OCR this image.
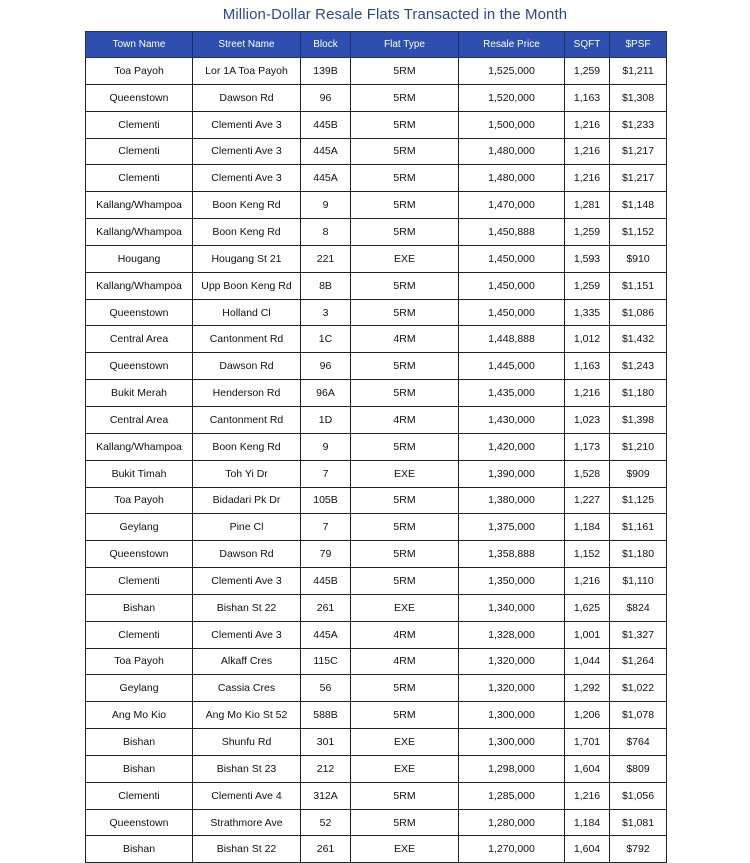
Million-Dollar Resale Flats Transacted in the Month
Town Name	Street Name	Block	Flat Type	Resale Price	SQFT	$PSF
Toa Payoh	Lor 1A Toa Payoh	139B	5RM	1,525,000	1,259	$1,211
Queenstown	Dawson Rd	96	5RM	1,520,000	1,163	$1,308
Clementi	Clementi Ave 3	445B	5RM	1,500,000	1,216	$1,233
Clementi	Clementi Ave 3	445A	5RM	1,480,000	1,216	$1,217
Clementi	Clementi Ave 3	445A	5RM	1,480,000	1,216	$1,217
Kallang/Whampoa	Boon Keng Rd	9	5RM	1,470,000	1,281	$1,148
Kallang/Whampoa	Boon Keng Rd	8	5RM	1,450,888	1,259	$1,152
Hougang	Hougang St 21	221	EXE	1,450,000	1,593	$910
Kallang/Whampoa	Upp Boon Keng Rd	8B	5RM	1,450,000	1,259	$1,151
Queenstown	Holland Cl	3	5RM	1,450,000	1,335	$1,086
Central Area	Cantonment Rd	1C	4RM	1,448,888	1,012	$1,432
Queenstown	Dawson Rd	96	5RM	1,445,000	1,163	$1,243
Bukit Merah	Henderson Rd	96A	5RM	1,435,000	1,216	$1,180
Central Area	Cantonment Rd	1D	4RM	1,430,000	1,023	$1,398
Kallang/Whampoa	Boon Keng Rd	9	5RM	1,420,000	1,173	$1,210
Bukit Timah	Toh Yi Dr	7	EXE	1,390,000	1,528	$909
Toa Payoh	Bidadari Pk Dr	105B	5RM	1,380,000	1,227	$1,125
Geylang	Pine Cl	7	5RM	1,375,000	1,184	$1,161
Queenstown	Dawson Rd	79	5RM	1,358,888	1,152	$1,180
Clementi	Clementi Ave 3	445B	5RM	1,350,000	1,216	$1,110
Bishan	Bishan St 22	261	EXE	1,340,000	1,625	$824
Clementi	Clementi Ave 3	445A	4RM	1,328,000	1,001	$1,327
Toa Payoh	Alkaff Cres	115C	4RM	1,320,000	1,044	$1,264
Geylang	Cassia Cres	56	5RM	1,320,000	1,292	$1,022
Ang Mo Kio	Ang Mo Kio St 52	588B	5RM	1,300,000	1,206	$1,078
Bishan	Shunfu Rd	301	EXE	1,300,000	1,701	$764
Bishan	Bishan St 23	212	EXE	1,298,000	1,604	$809
Clementi	Clementi Ave 4	312A	5RM	1,285,000	1,216	$1,056
Queenstown	Strathmore Ave	52	5RM	1,280,000	1,184	$1,081
Bishan	Bishan St 22	261	EXE	1,270,000	1,604	$792
